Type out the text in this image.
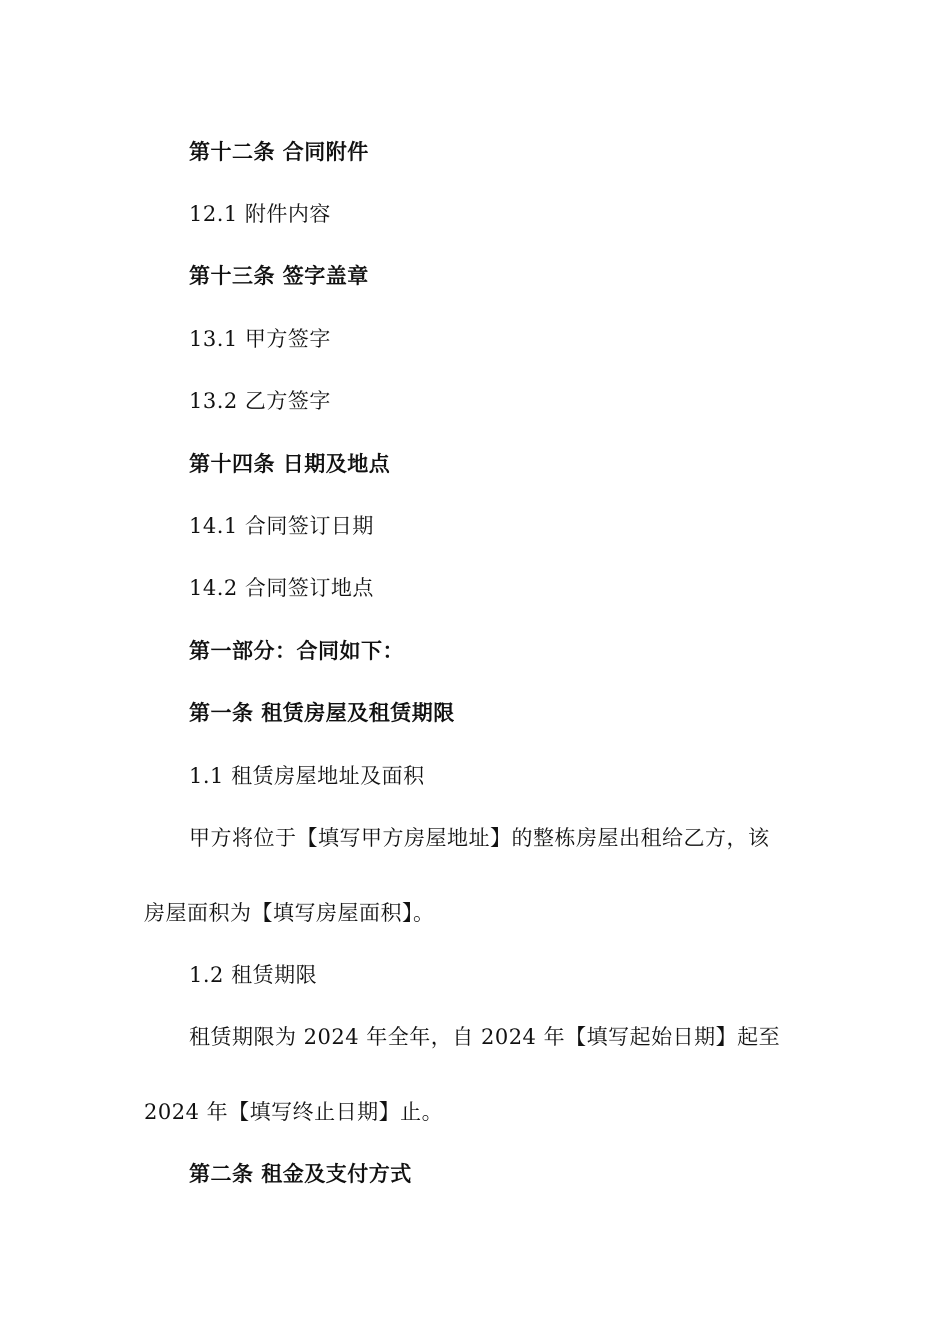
第十二条 合同附件
12.1 附件内容
第十三条 签字盖章
13.1 甲方签字
13.2 乙方签字
第十四条 日期及地点
14.1 合同签订日期
14.2 合同签订地点
第一部分：合同如下：
第一条 租赁房屋及租赁期限
1.1 租赁房屋地址及面积
甲方将位于【填写甲方房屋地址】的整栋房屋出租给乙方，该
房屋面积为【填写房屋面积】。
1.2 租赁期限
租赁期限为 2024 年全年，自 2024 年【填写起始日期】起至
2024 年【填写终止日期】止。
第二条 租金及支付方式
